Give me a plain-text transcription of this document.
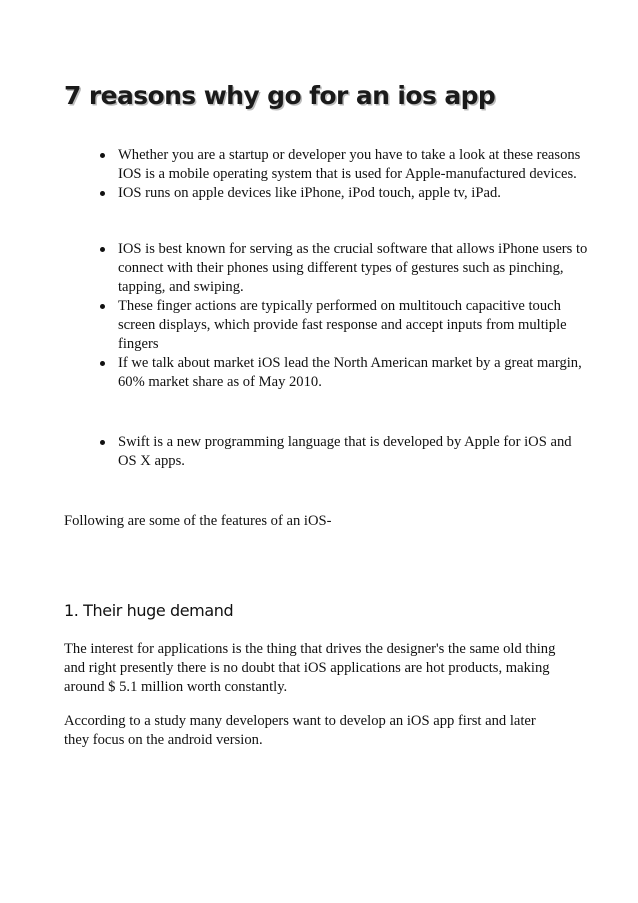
7 reasons why go for an ios app
Whether you are a startup or developer you have to take a look at these reasons IOS is a mobile operating system that is used for Apple-manufactured devices.
IOS runs on apple devices like iPhone, iPod touch, apple tv, iPad.
IOS is best known for serving as the crucial software that allows iPhone users to connect with their phones using different types of gestures such as pinching, tapping, and swiping.
These finger actions are typically performed on multitouch capacitive touch screen displays, which provide fast response and accept inputs from multiple fingers
If we talk about market iOS lead the North American market by a great margin, 60% market share as of May 2010.
Swift is a new programming language that is developed by Apple for iOS and OS X apps.

Following are some of the features of an iOS-

1. Their huge demand

The interest for applications is the thing that drives the designer's the same old thing and right presently there is no doubt that iOS applications are hot products, making around $ 5.1 million worth constantly.

According to a study many developers want to develop an iOS app first and later they focus on the android version.
